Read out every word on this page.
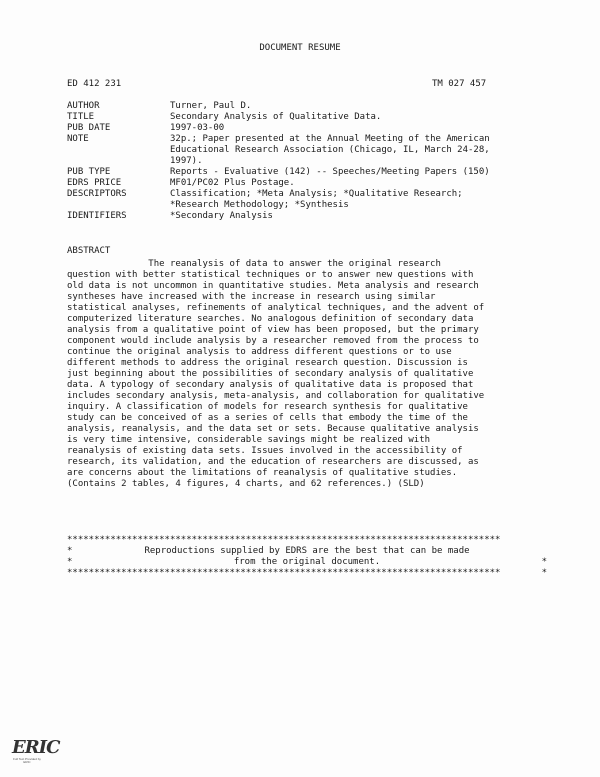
DOCUMENT RESUME
ED 412 231	TM 027 457
AUTHOR	Turner, Paul D.
TITLE	Secondary Analysis of Qualitative Data.
PUB DATE	1997-03-00
NOTE	32p.; Paper presented at the Annual Meeting of the American
Educational Research Association (Chicago, IL, March 24-28,
1997).
PUB TYPE	Reports - Evaluative (142) -- Speeches/Meeting Papers (150)
EDRS PRICE	MF01/PC02 Plus Postage.
DESCRIPTORS	Classification; *Meta Analysis; *Qualitative Research;
*Research Methodology; *Synthesis
IDENTIFIERS	*Secondary Analysis
ABSTRACT
The reanalysis of data to answer the original research
question with better statistical techniques or to answer new questions with
old data is not uncommon in quantitative studies. Meta analysis and research
syntheses have increased with the increase in research using similar
statistical analyses, refinements of analytical techniques, and the advent of
computerized literature searches. No analogous definition of secondary data
analysis from a qualitative point of view has been proposed, but the primary
component would include analysis by a researcher removed from the process to
continue the original analysis to address different questions or to use
different methods to address the original research question. Discussion is
just beginning about the possibilities of secondary analysis of qualitative
data. A typology of secondary analysis of qualitative data is proposed that
includes secondary analysis, meta-analysis, and collaboration for qualitative
inquiry. A classification of models for research synthesis for qualitative
study can be conceived of as a series of cells that embody the time of the
analysis, reanalysis, and the data set or sets. Because qualitative analysis
is very time intensive, considerable savings might be realized with
reanalysis of existing data sets. Issues involved in the accessibility of
research, its validation, and the education of researchers are discussed, as
are concerns about the limitations of reanalysis of qualitative studies.
(Contains 2 tables, 4 figures, 4 charts, and 62 references.) (SLD)
********************************************************************************
*	Reproductions supplied by EDRS are the best that can be made
*
*	from the original document.
*
********************************************************************************
ERIC
Full Text Provided by ERIC
